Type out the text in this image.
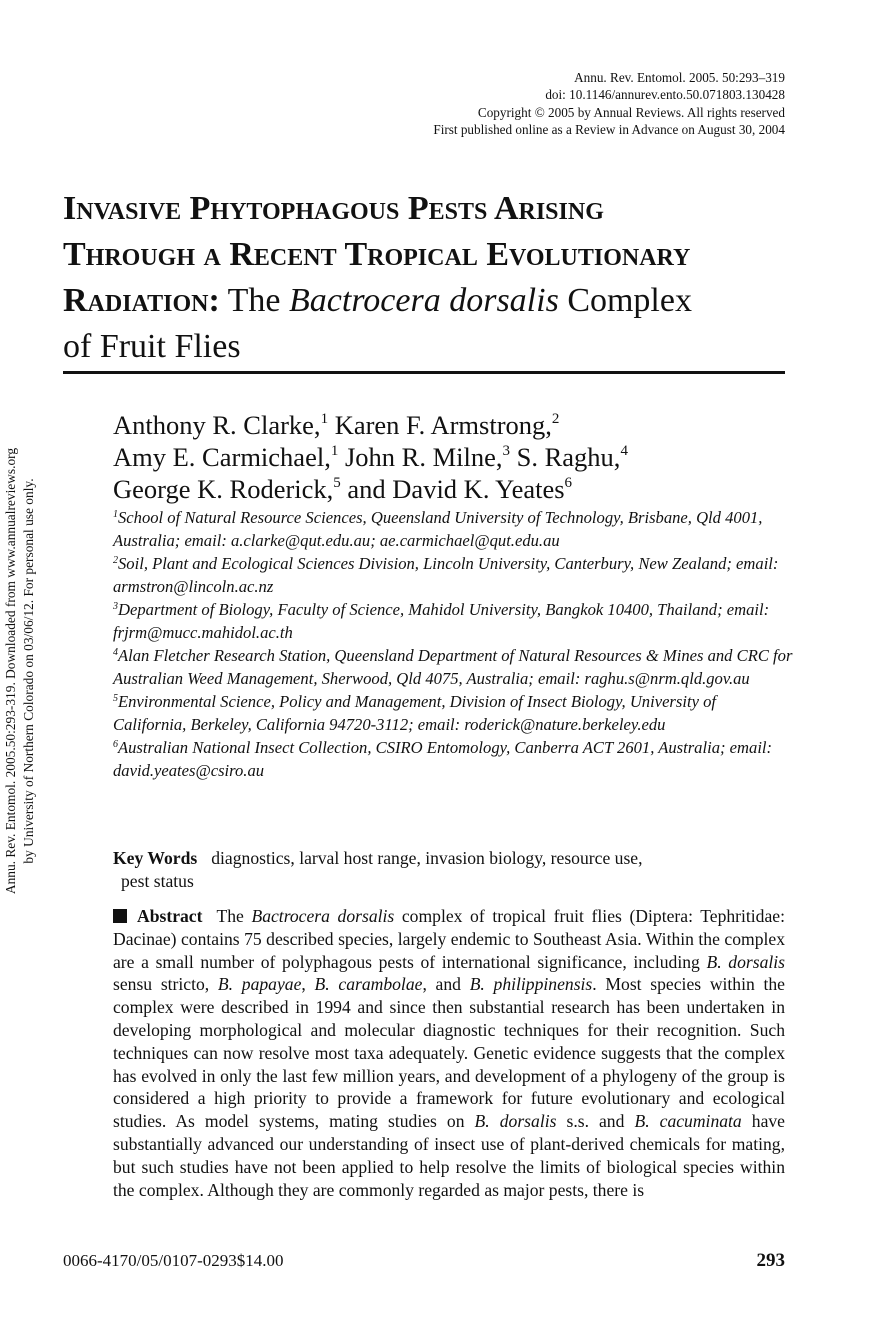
Annu. Rev. Entomol. 2005. 50:293–319
doi: 10.1146/annurev.ento.50.071803.130428
Copyright © 2005 by Annual Reviews. All rights reserved
First published online as a Review in Advance on August 30, 2004
Invasive Phytophagous Pests Arising
Through a Recent Tropical Evolutionary
Radiation: The Bactrocera dorsalis Complex
of Fruit Flies
Anthony R. Clarke,$^1$ Karen F. Armstrong,$^2$
Amy E. Carmichael,$^1$ John R. Milne,$^3$ S. Raghu,$^4$
George K. Roderick,$^5$ and David K. Yeates$^6$
$^1$School of Natural Resource Sciences, Queensland University of Technology, Brisbane, Qld 4001, Australia; email: a.clarke@qut.edu.au; ae.carmichael@qut.edu.au
$^2$Soil, Plant and Ecological Sciences Division, Lincoln University, Canterbury, New Zealand; email: armstron@lincoln.ac.nz
$^3$Department of Biology, Faculty of Science, Mahidol University, Bangkok 10400, Thailand; email: frjrm@mucc.mahidol.ac.th
$^4$Alan Fletcher Research Station, Queensland Department of Natural Resources & Mines and CRC for Australian Weed Management, Sherwood, Qld 4075, Australia; email: raghu.s@nrm.qld.gov.au
$^5$Environmental Science, Policy and Management, Division of Insect Biology, University of California, Berkeley, California 94720-3112; email: roderick@nature.berkeley.edu
$^6$Australian National Insect Collection, CSIRO Entomology, Canberra ACT 2601, Australia; email: david.yeates@csiro.au
Key Words diagnostics, larval host range, invasion biology, resource use,
pest status
Abstract The Bactrocera dorsalis complex of tropical fruit flies (Diptera: Tephritidae: Dacinae) contains 75 described species, largely endemic to Southeast Asia. Within the complex are a small number of polyphagous pests of international significance, including B. dorsalis sensu stricto, B. papayae, B. carambolae, and B. philippinensis. Most species within the complex were described in 1994 and since then substantial research has been undertaken in developing morphological and molecular diagnostic techniques for their recognition. Such techniques can now resolve most taxa adequately. Genetic evidence suggests that the complex has evolved in only the last few million years, and development of a phylogeny of the group is considered a high priority to provide a framework for future evolutionary and ecological studies. As model systems, mating studies on B. dorsalis s.s. and B. cacuminata have substantially advanced our understanding of insect use of plant-derived chemicals for mating, but such studies have not been applied to help resolve the limits of biological species within the complex. Although they are commonly regarded as major pests, there is
0066-4170/05/0107-0293$14.00	293
Annu. Rev. Entomol. 2005.50:293-319. Downloaded from www.annualreviews.org by University of Northern Colorado on 03/06/12. For personal use only.
